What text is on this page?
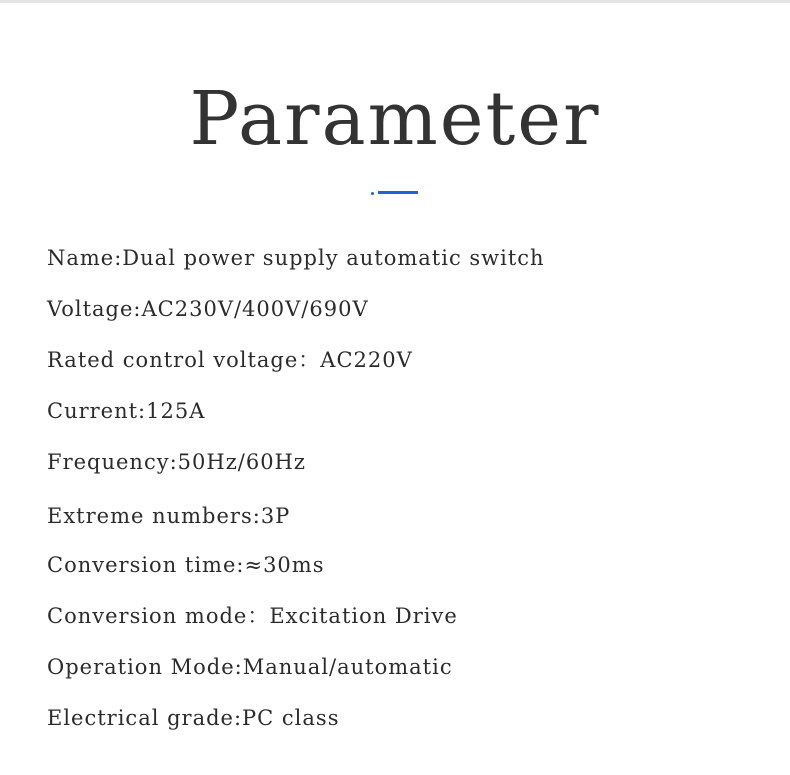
Parameter
Name:Dual power supply automatic switch
Voltage:AC230V/400V/690V
Rated control voltage：AC220V
Current:125A
Frequency:50Hz/60Hz
Extreme numbers:3P
Conversion time:≈30ms
Conversion mode：Excitation Drive
Operation Mode:Manual/automatic
Electrical grade:PC class
